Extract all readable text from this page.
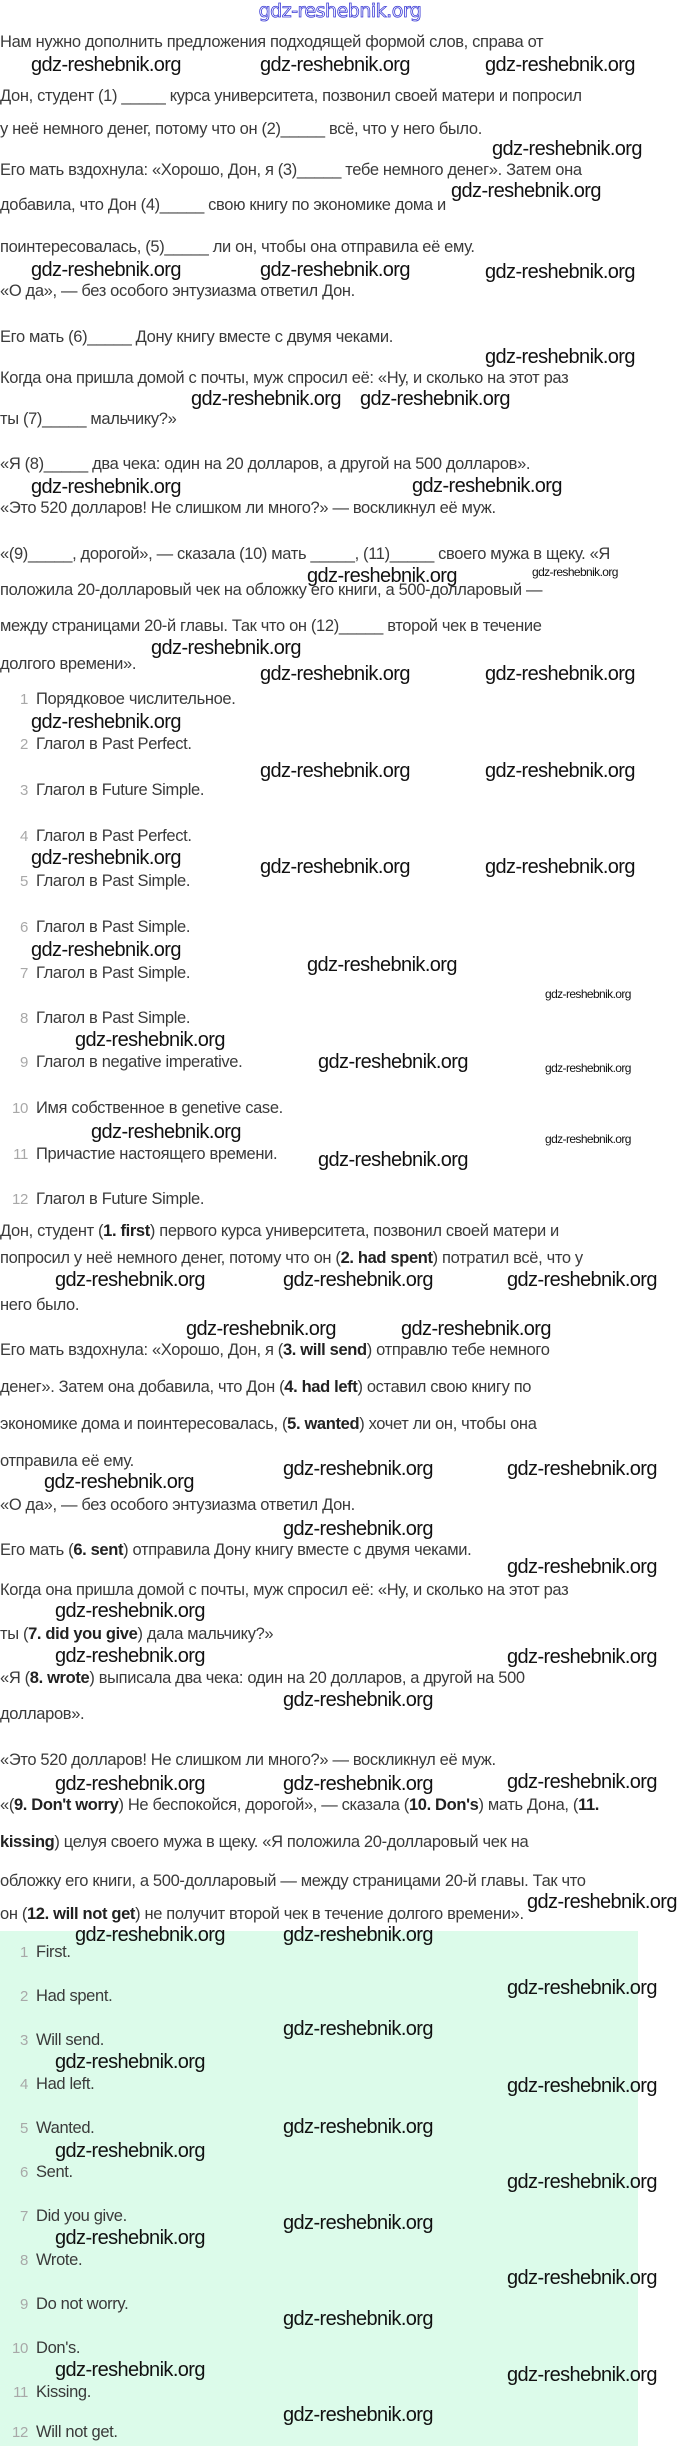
gdz-reshebnik.org
Нам нужно дополнить предложения подходящей формой слов, справа от
Дон, студент (1) _____ курса университета, позвонил своей матери и попросил
у неё немного денег, потому что он (2)_____ всё, что у него было.
Его мать вздохнула: «Хорошо, Дон, я (3)_____ тебе немного денег». Затем она
добавила, что Дон (4)_____ свою книгу по экономике дома и
поинтересовалась, (5)_____ ли он, чтобы она отправила её ему.
«О да», — без особого энтузиазма ответил Дон.
Его мать (6)_____ Дону книгу вместе с двумя чеками.
Когда она пришла домой с почты, муж спросил её: «Ну, и сколько на этот раз
ты (7)_____ мальчику?»
«Я (8)_____ два чека: один на 20 долларов, а другой на 500 долларов».
«Это 520 долларов! Не слишком ли много?» — воскликнул её муж.
«(9)_____, дорогой», — сказала (10) мать _____, (11)_____ своего мужа в щеку. «Я
положила 20-долларовый чек на обложку его книги, а 500-долларовый —
между страницами 20-й главы. Так что он (12)_____ второй чек в течение
долгого времени».
1 Порядковое числительное.
2 Глагол в Past Perfect.
3 Глагол в Future Simple.
4 Глагол в Past Perfect.
5 Глагол в Past Simple.
6 Глагол в Past Simple.
7 Глагол в Past Simple.
8 Глагол в Past Simple.
9 Глагол в negative imperative.
10 Имя собственное в genetive case.
11 Причастие настоящего времени.
12 Глагол в Future Simple.
Дон, студент (1. first) первого курса университета, позвонил своей матери и
попросил у неё немного денег, потому что он (2. had spent) потратил всё, что у
него было.
Его мать вздохнула: «Хорошо, Дон, я (3. will send) отправлю тебе немного
денег». Затем она добавила, что Дон (4. had left) оставил свою книгу по
экономике дома и поинтересовалась, (5. wanted) хочет ли он, чтобы она
отправила её ему.
«О да», — без особого энтузиазма ответил Дон.
Его мать (6. sent) отправила Дону книгу вместе с двумя чеками.
Когда она пришла домой с почты, муж спросил её: «Ну, и сколько на этот раз
ты (7. did you give) дала мальчику?»
«Я (8. wrote) выписала два чека: один на 20 долларов, а другой на 500
долларов».
«Это 520 долларов! Не слишком ли много?» — воскликнул её муж.
«(9. Don't worry) Не беспокойся, дорогой», — сказала (10. Don's) мать Дона, (11.
kissing) целуя своего мужа в щеку. «Я положила 20-долларовый чек на
обложку его книги, а 500-долларовый — между страницами 20-й главы. Так что
он (12. will not get) не получит второй чек в течение долгого времени».
1 First.
2 Had spent.
3 Will send.
4 Had left.
5 Wanted.
6 Sent.
7 Did you give.
8 Wrote.
9 Do not worry.
10 Don's.
11 Kissing.
12 Will not get.
gdz-reshebnik.org	gdz-reshebnik.org	gdz-reshebnik.org
gdz-reshebnik.org
gdz-reshebnik.org
gdz-reshebnik.org	gdz-reshebnik.org	gdz-reshebnik.org
gdz-reshebnik.org gdz-reshebnik.org
gdz-reshebnik.org
gdz-reshebnik.org
gdz-reshebnik.org
gdz-reshebnik.org	gdz-reshebnik.org
gdz-reshebnik.org
gdz-reshebnik.org	gdz-reshebnik.org
gdz-reshebnik.org
gdz-reshebnik.org	gdz-reshebnik.org
gdz-reshebnik.org	gdz-reshebnik.org	gdz-reshebnik.org
gdz-reshebnik.org
gdz-reshebnik.org
gdz-reshebnik.org
gdz-reshebnik.org
gdz-reshebnik.org	gdz-reshebnik.org
gdz-reshebnik.org
gdz-reshebnik.org
gdz-reshebnik.org
gdz-reshebnik.org	gdz-reshebnik.org	gdz-reshebnik.org
gdz-reshebnik.org	gdz-reshebnik.org
gdz-reshebnik.org	gdz-reshebnik.org
gdz-reshebnik.org
gdz-reshebnik.org
gdz-reshebnik.org
gdz-reshebnik.org
gdz-reshebnik.org
gdz-reshebnik.org
gdz-reshebnik.org
gdz-reshebnik.org
gdz-reshebnik.org	gdz-reshebnik.org
gdz-reshebnik.org
gdz-reshebnik.org	gdz-reshebnik.org
gdz-reshebnik.org
gdz-reshebnik.org
gdz-reshebnik.org
gdz-reshebnik.org
gdz-reshebnik.org
gdz-reshebnik.org
gdz-reshebnik.org
gdz-reshebnik.org
gdz-reshebnik.org
gdz-reshebnik.org
gdz-reshebnik.org
gdz-reshebnik.org	gdz-reshebnik.org
gdz-reshebnik.org
